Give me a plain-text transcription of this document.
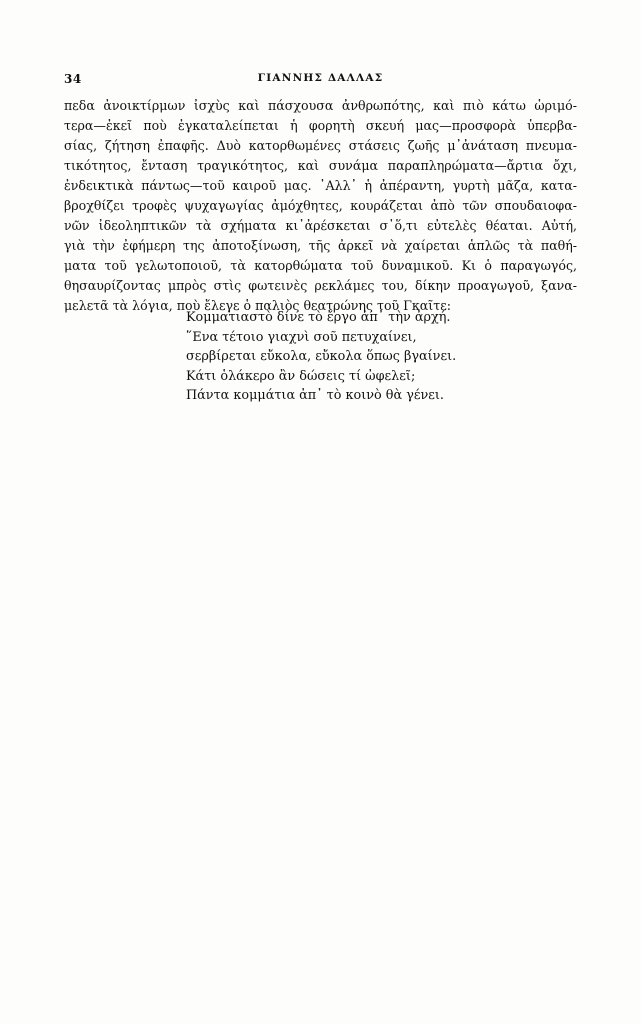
34	ΓΙΑΝΝΗΣ ΔΑΛΛΑΣ
πεδα ἀνοικτίρμων ἰσχὺς καὶ πάσχουσα ἀνθρωπότης, καὶ πιὸ κάτω ὡριμό-
τερα—ἐκεῖ ποὺ ἐγκαταλείπεται ἡ φορητὴ σκευή μας—προσφορὰ ὑπερβα-
σίας, ζήτηση ἐπαφῆς. Δυὸ κατορθωμένες στάσεις ζωῆς μ᾿ἀνάταση πνευμα-
τικότητος, ἔνταση τραγικότητος, καὶ συνάμα παραπληρώματα—ἄρτια ὄχι,
ἐνδεικτικὰ πάντως—τοῦ καιροῦ μας. ᾿Αλλ᾿ ἡ ἀπέραντη, γυρτὴ μᾶζα, κατα-
βροχθίζει τροφὲς ψυχαγωγίας ἀμόχθητες, κουράζεται ἀπὸ τῶν σπουδαιοφα-
νῶν ἰδεοληπτικῶν τὰ σχήματα κι᾿ἀρέσκεται σ᾿ὅ,τι εὐτελὲς θέαται. Αὐτή,
γιὰ τὴν ἐφήμερη της ἀποτοξίνωση, τῆς ἀρκεῖ νὰ χαίρεται ἁπλῶς τὰ παθή-
ματα τοῦ γελωτοποιοῦ, τὰ κατορθώματα τοῦ δυναμικοῦ. Κι ὁ παραγωγός,
θησαυρίζοντας μπρὸς στὶς φωτεινὲς ρεκλάμες του, δίκην προαγωγοῦ, ξανα-
μελετᾶ τὰ λόγια, ποὺ ἔλεγε ὁ παλιὸς θεατρώνης τοῦ Γκαῖτε:
Κομματιαστὸ δίνε τὸ ἔργο ἀπ᾿ τὴν ἀρχή.
῞Ενα τέτοιο γιαχνὶ σοῦ πετυχαίνει,
σερβίρεται εὔκολα, εὔκολα ὅπως βγαίνει.
Κάτι ὁλάκερο ἂν δώσεις τί ὠφελεῖ;
Πάντα κομμάτια ἀπ᾿ τὸ κοινὸ θὰ γένει.
